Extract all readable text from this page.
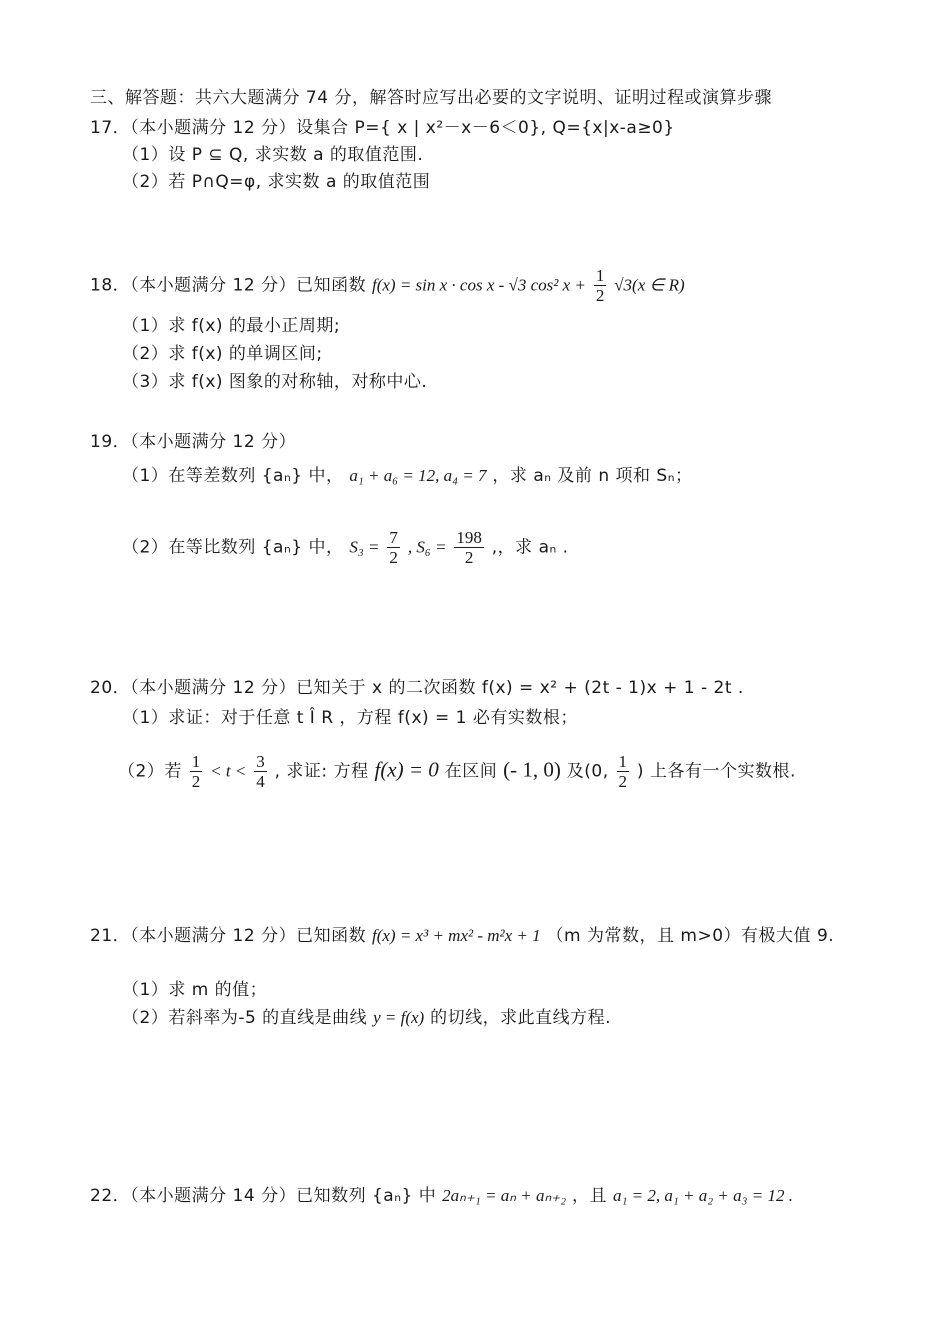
三、解答题：共六大题满分 74 分，解答时应写出必要的文字说明、证明过程或演算步骤
17．（本小题满分 12 分）设集合 P={ x | x²－x－6＜0}, Q={x|x-a≥0}
（1）设 P ⊆ Q, 求实数 a 的取值范围.
（2）若 P∩Q=φ, 求实数 a 的取值范围
18．（本小题满分 12 分）已知函数 f(x) = sin x · cos x - √3 cos² $x + \frac{1}{2} √3(x$ ∈ R)
（1）求 f(x) 的最小正周期;
（2）求 f(x) 的单调区间;
（3）求 f(x) 图象的对称轴，对称中心.
19．（本小题满分 12 分）
（1）在等差数列 {aₙ} 中， a₁ + a₆ = 12, a₄ = 7 ，求 aₙ 及前 n 项和 Sₙ；
（2）在等比数列 {aₙ} 中， $S_3 = \frac{7}{2}$ , $S_6 = \frac{198}{2}$ ,，求 aₙ .
20．（本小题满分 12 分）已知关于 x 的二次函数 f(x) = x² + (2t - 1)x + 1 - 2t .
（1）求证：对于任意 t Î R ，方程 f(x) = 1 必有实数根；
（2）若 $\frac{1}{2} < t < \frac{3}{4}$ , 求证: 方程 f(x) = 0 在区间 (- 1, 0) 及(0, $\frac{1}{2}$ ) 上各有一个实数根.
21．（本小题满分 12 分）已知函数 f(x) = x³ + mx² - m²x + 1 （m 为常数，且 m>0）有极大值 9.
（1）求 m 的值；
（2）若斜率为-5 的直线是曲线 y = f(x) 的切线，求此直线方程.
22．（本小题满分 14 分）已知数列 {aₙ} 中 2aₙ₊₁ = aₙ + aₙ₊₂ ，且 a₁ = 2, a₁ + a₂ + a₃ = 12 .
